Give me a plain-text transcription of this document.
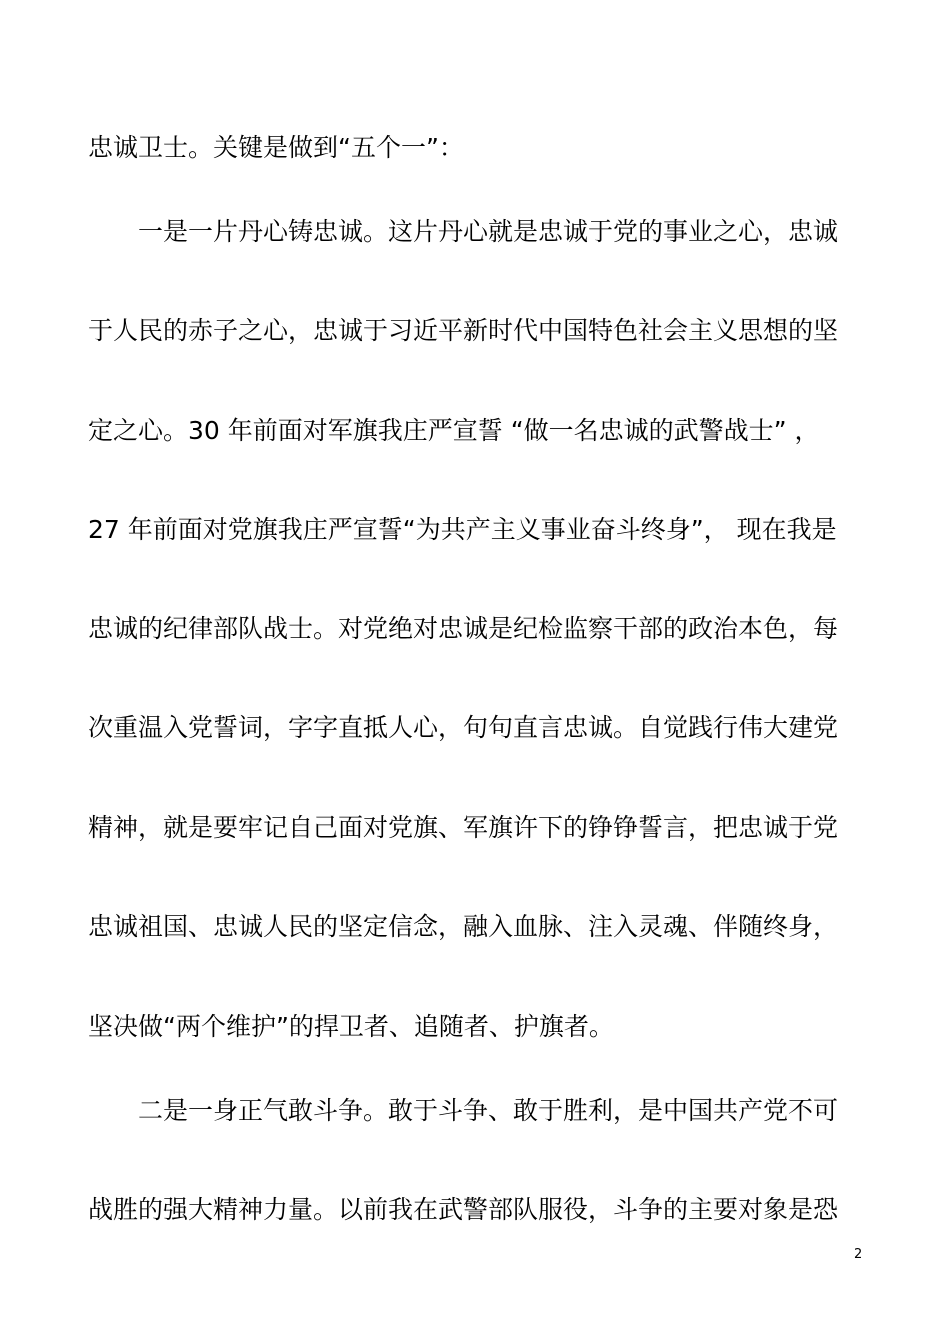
忠诚卫士。关键是做到“五个一”：
　　一是一片丹心铸忠诚。这片丹心就是忠诚于党的事业之心，忠诚
于人民的赤子之心，忠诚于习近平新时代中国特色社会主义思想的坚
定之心。30 年前面对军旗我庄严宣誓 “做一名忠诚的武警战士” ，
27 年前面对党旗我庄严宣誓“为共产主义事业奋斗终身”， 现在我是
忠诚的纪律部队战士。对党绝对忠诚是纪检监察干部的政治本色，每
次重温入党誓词，字字直抵人心，句句直言忠诚。自觉践行伟大建党
精神，就是要牢记自己面对党旗、军旗许下的铮铮誓言，把忠诚于党
忠诚祖国、忠诚人民的坚定信念，融入血脉、注入灵魂、伴随终身，
坚决做“两个维护”的捍卫者、追随者、护旗者。
　　二是一身正气敢斗争。敢于斗争、敢于胜利，是中国共产党不可
战胜的强大精神力量。以前我在武警部队服役，斗争的主要对象是恐
2
